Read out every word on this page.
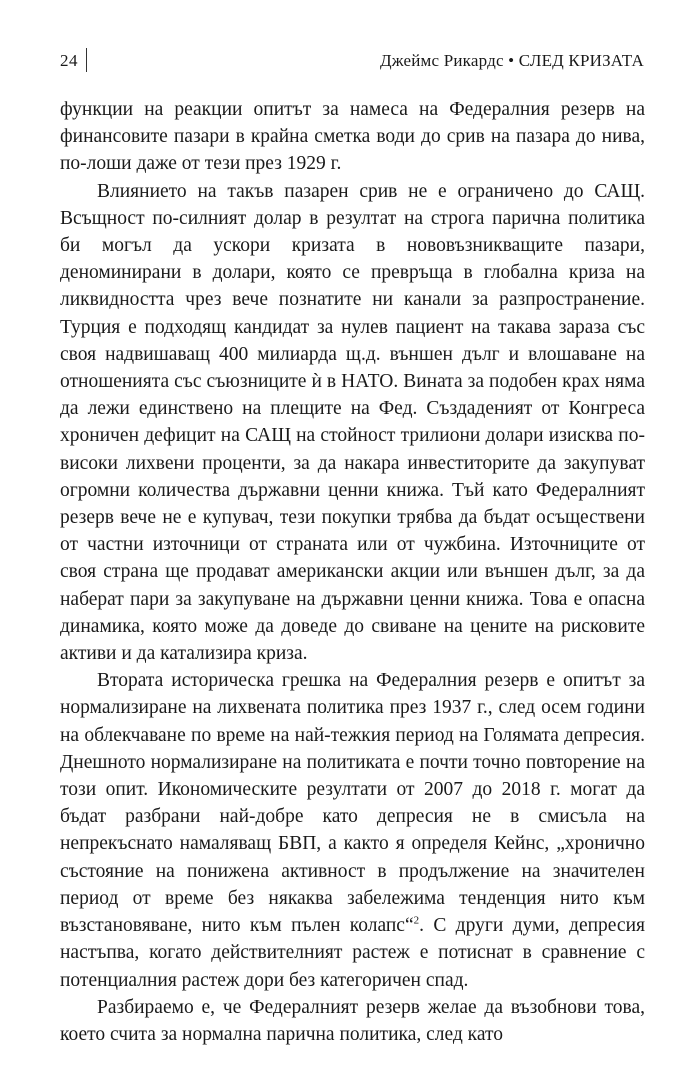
24	Джеймс Рикардс • СЛЕД КРИЗАТА

функции на реакции опитът за намеса на Федералния резерв на финансовите пазари в крайна сметка води до срив на пазара до нива, по-лоши даже от тези през 1929 г.

Влиянието на такъв пазарен срив не е ограничено до САЩ. Всъщност по-силният долар в резултат на строга парична политика би могъл да ускори кризата в нововъзникващите пазари, деноминирани в долари, която се превръща в глобална криза на ликвидността чрез вече познатите ни канали за разпространение. Турция е подходящ кандидат за нулев пациент на такава зараза със своя надвишаващ 400 милиарда щ.д. външен дълг и влошаване на отношенията със съюзниците ѝ в НАТО. Вината за подобен крах няма да лежи единствено на плещите на Фед. Създаденият от Конгреса хроничен дефицит на САЩ на стойност трилиони долари изисква по-високи лихвени проценти, за да накара инвеститорите да закупуват огромни количества държавни ценни книжа. Тъй като Федералният резерв вече не е купувач, тези покупки трябва да бъдат осъществени от частни източници от страната или от чужбина. Източниците от своя страна ще продават американски акции или външен дълг, за да наберат пари за закупуване на държавни ценни книжа. Това е опасна динамика, която може да доведе до свиване на цените на рисковите активи и да катализира криза.

Втората историческа грешка на Федералния резерв е опитът за нормализиране на лихвената политика през 1937 г., след осем години на облекчаване по време на най-тежкия период на Голямата депресия. Днешното нормализиране на политиката е почти точно повторение на този опит. Икономическите резултати от 2007 до 2018 г. могат да бъдат разбрани най-добре като депресия не в смисъла на непрекъснато намаляващ БВП, а както я определя Кейнс, „хронично състояние на понижена активност в продължение на значителен период от време без някаква забележима тенденция нито към възстановяване, нито към пълен колапс“$^2$. С други думи, депресия настъпва, когато действителният растеж е потиснат в сравнение с потенциалния растеж дори без категоричен спад.

Разбираемо е, че Федералният резерв желае да възобнови това, което счита за нормална парична политика, след като
